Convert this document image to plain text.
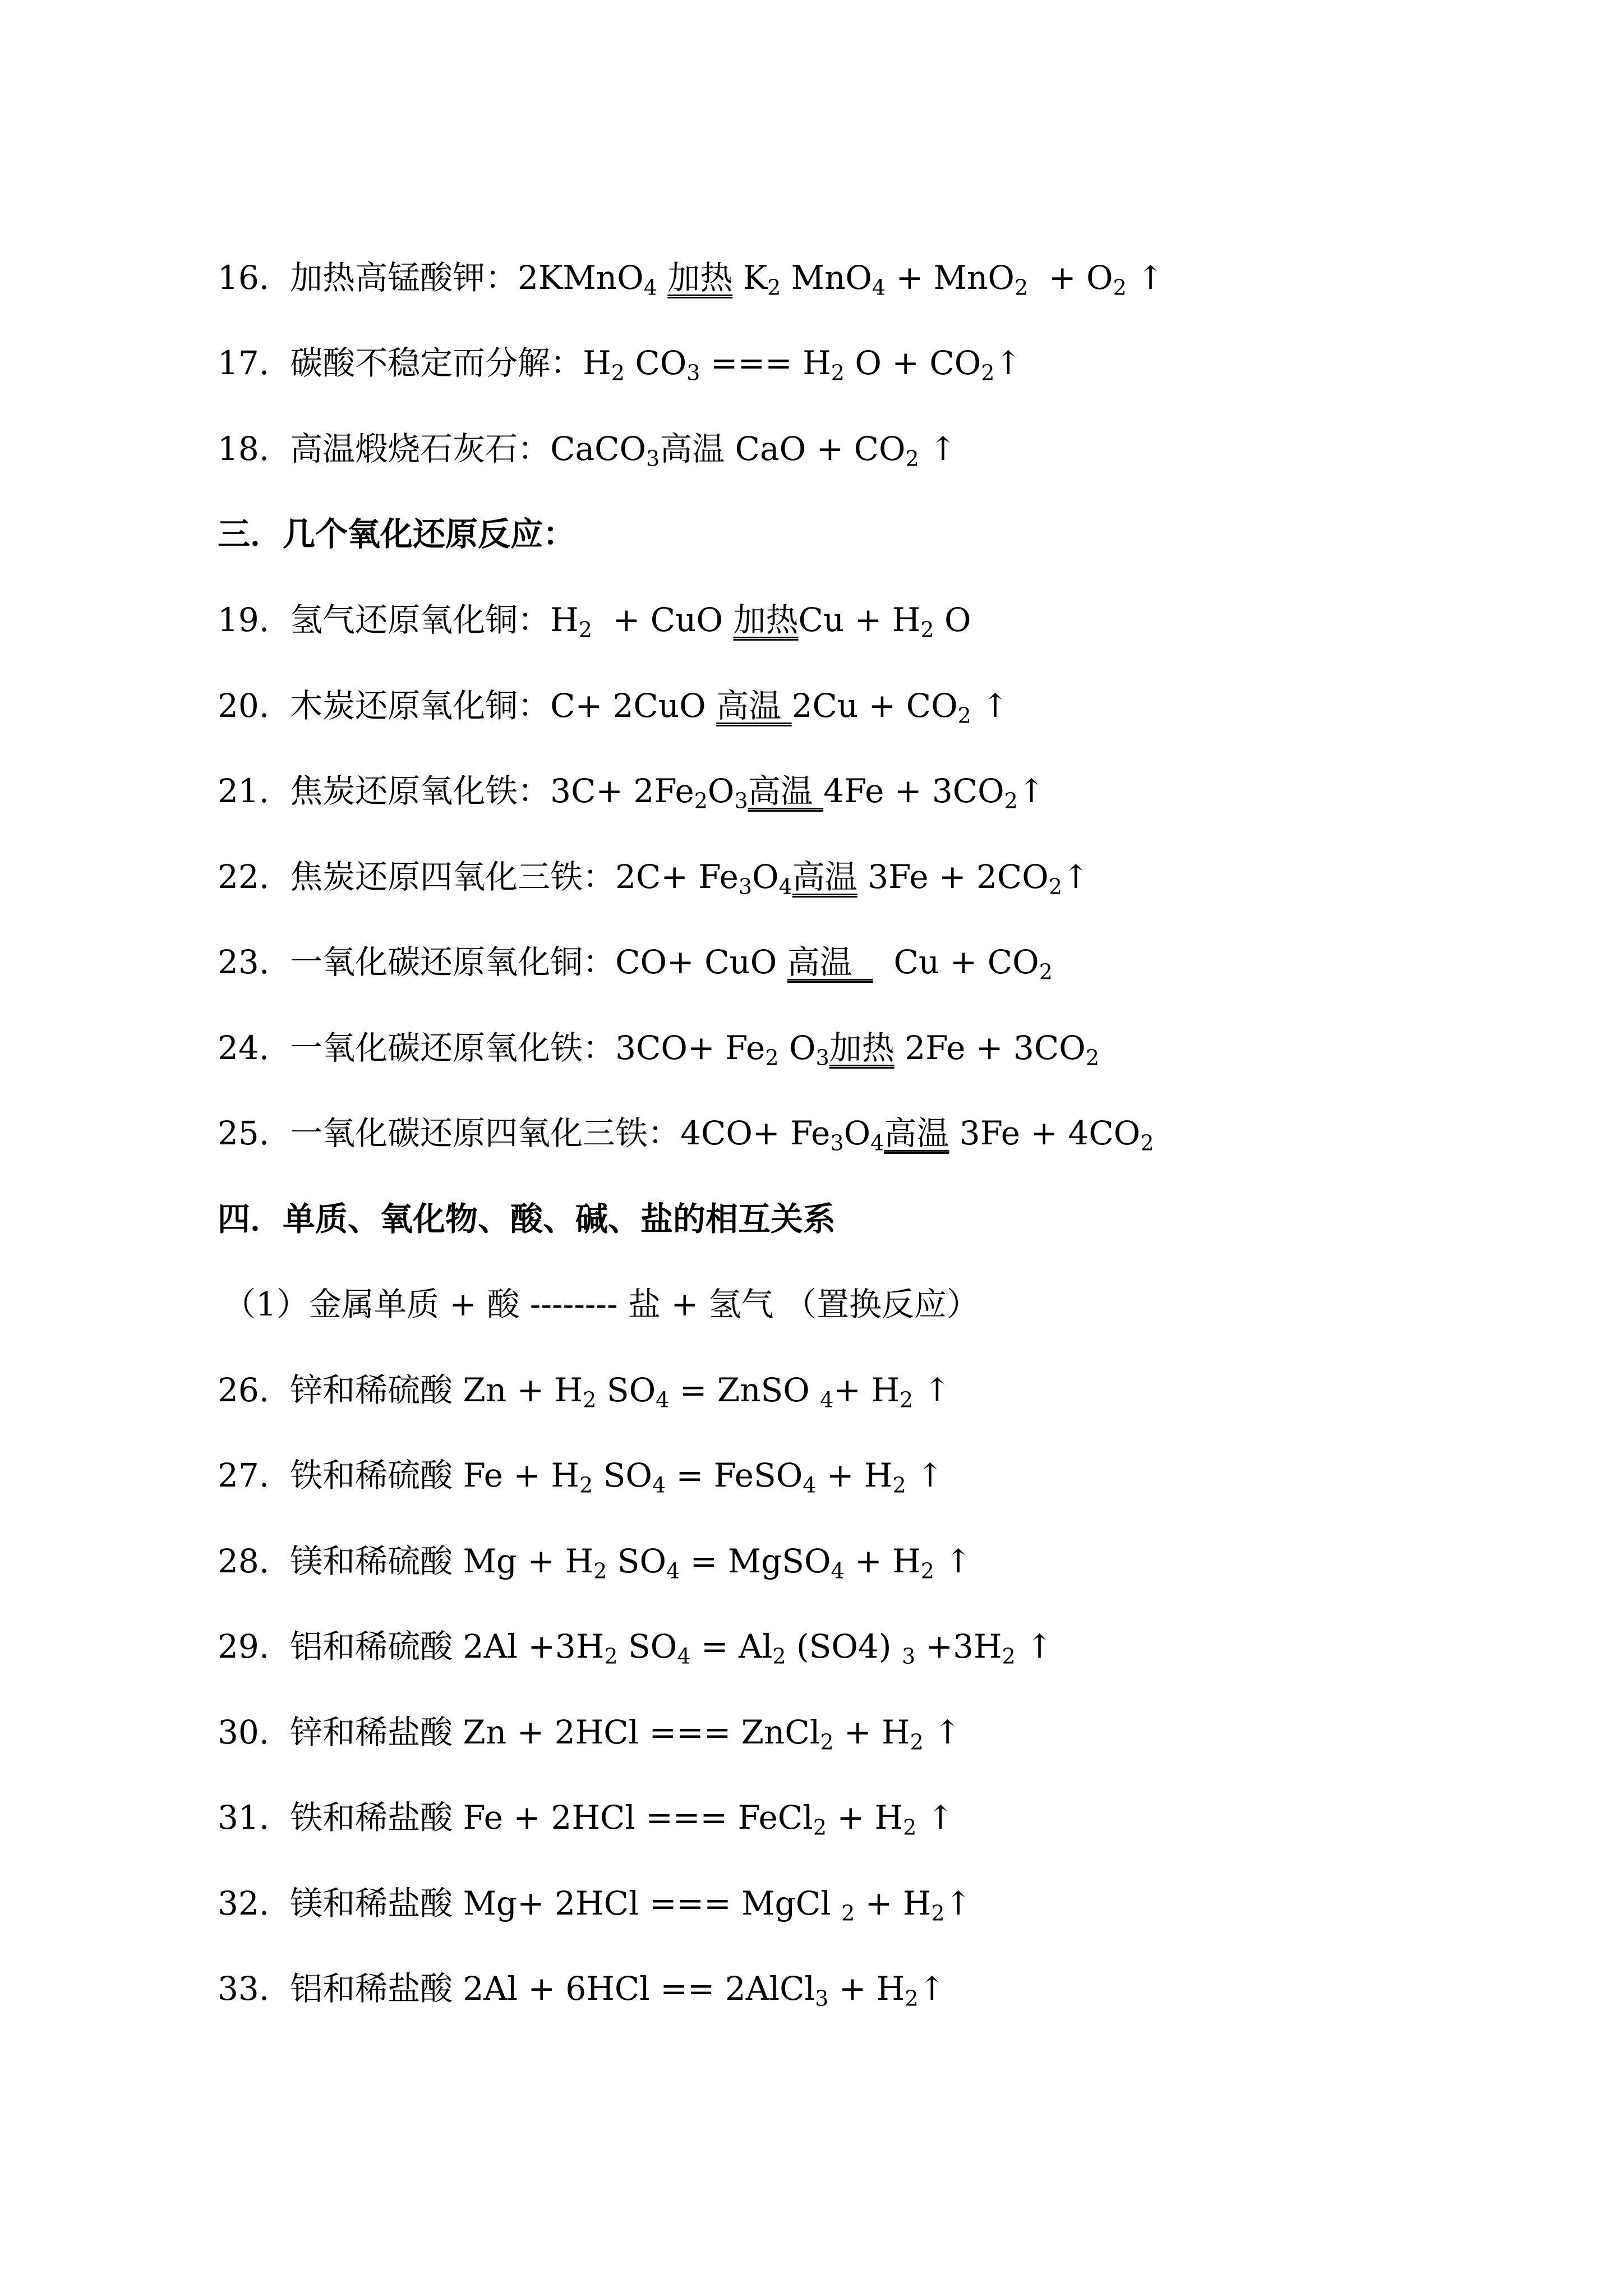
16.  加热高锰酸钾：2KMnO$_4$ 加热 $K_2$ $MnO_4 + MnO_2 + O_2$ ↑
17.  碳酸不稳定而分解：$H_2$ $CO_3$ === $H_2$ $O + CO_2↑$
18.  高温煅烧石灰石：CaCO$_3$高温 CaO + $CO_2$ ↑
三．几个氧化还原反应：
19.  氢气还原氧化铜：$H_2$  + CuO 加热$Cu + H_2$ O
20.  木炭还原氧化铜：C+ 2CuO 高温 $2Cu + CO_2$ ↑
21.  焦炭还原氧化铁：$3C+ 2Fe_2O_3$高温 $4Fe + 3CO_2↑$
22.  焦炭还原四氧化三铁：$2C+ Fe_3O_4$高温 $3Fe + 2CO_2↑$
23.  一氧化碳还原氧化铜：CO+ CuO 高温    $Cu + CO_2$
24.  一氧化碳还原氧化铁：$3CO+ Fe_2$ $O_3$加热 $2Fe + 3CO_2$
25.  一氧化碳还原四氧化三铁：$4CO+ Fe_3O_4$高温 $3Fe + 4CO_2$
四．单质、氧化物、酸、碱、盐的相互关系
（1）金属单质 + 酸 -------- 盐 + 氢气 （置换反应）
26.  锌和稀硫酸 $Zn + H_2$ $SO_4$ = ZnSO $_4+ H_2$ ↑
27.  铁和稀硫酸 $Fe + H_2$ $SO_4$ = FeSO$_4$ + $H_2$ ↑
28.  镁和稀硫酸 $Mg + H_2$ $SO_4$ = MgSO$_4$ + $H_2$ ↑
29.  铝和稀硫酸 $2Al +3H_2$ $SO_4 = Al_2$ (SO4) $_3 +3H_2$ ↑
30.  锌和稀盐酸 Zn + 2HCl === ZnCl$_2$ + $H_2$ ↑
31.  铁和稀盐酸 Fe + 2HCl === FeCl$_2$ + $H_2$ ↑
32.  镁和稀盐酸 Mg+ 2HCl === MgCl $_2 + H_2↑$
33.  铝和稀盐酸 2Al + 6HCl == 2AlCl$_3$ + $H_2↑$
